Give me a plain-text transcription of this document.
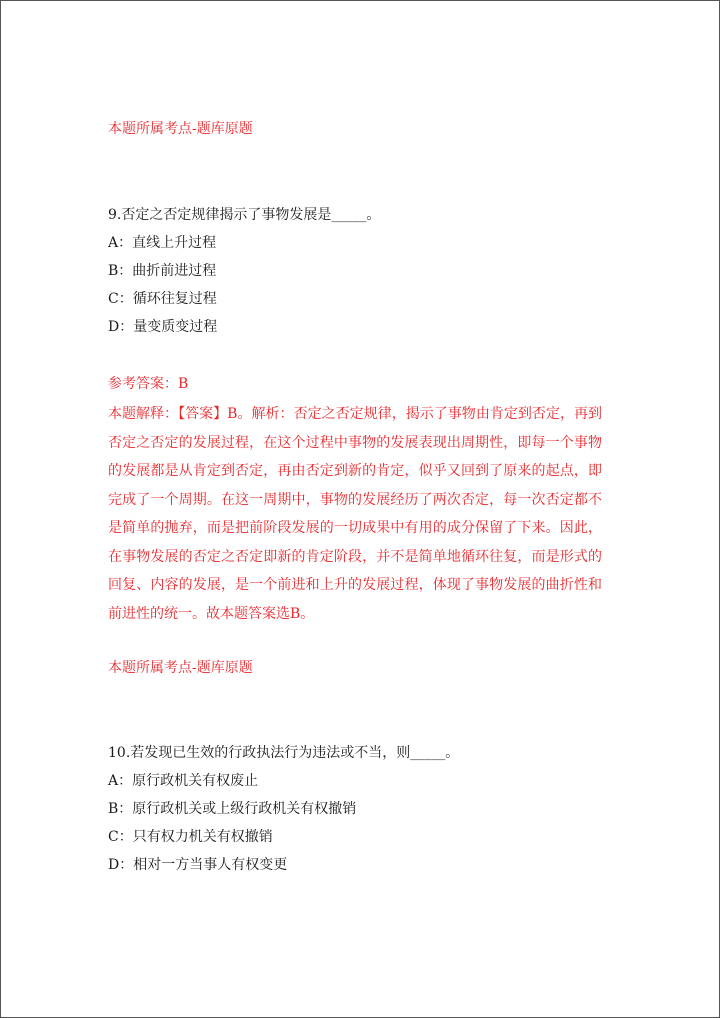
本题所属考点-题库原题
9.否定之否定规律揭示了事物发展是_____。
A：直线上升过程
B：曲折前进过程
C：循环往复过程
D：量变质变过程
参考答案：B
本题解释：【答案】B。解析：否定之否定规律，揭示了事物由肯定到否定，再到否定之否定的发展过程，在这个过程中事物的发展表现出周期性，即每一个事物的发展都是从肯定到否定，再由否定到新的肯定，似乎又回到了原来的起点，即完成了一个周期。在这一周期中，事物的发展经历了两次否定，每一次否定都不是简单的抛弃，而是把前阶段发展的一切成果中有用的成分保留了下来。因此，在事物发展的否定之否定即新的肯定阶段，并不是简单地循环往复，而是形式的回复、内容的发展，是一个前进和上升的发展过程，体现了事物发展的曲折性和前进性的统一。故本题答案选B。
本题所属考点-题库原题
10.若发现已生效的行政执法行为违法或不当，则_____。
A：原行政机关有权废止
B：原行政机关或上级行政机关有权撤销
C：只有权力机关有权撤销
D：相对一方当事人有权变更
